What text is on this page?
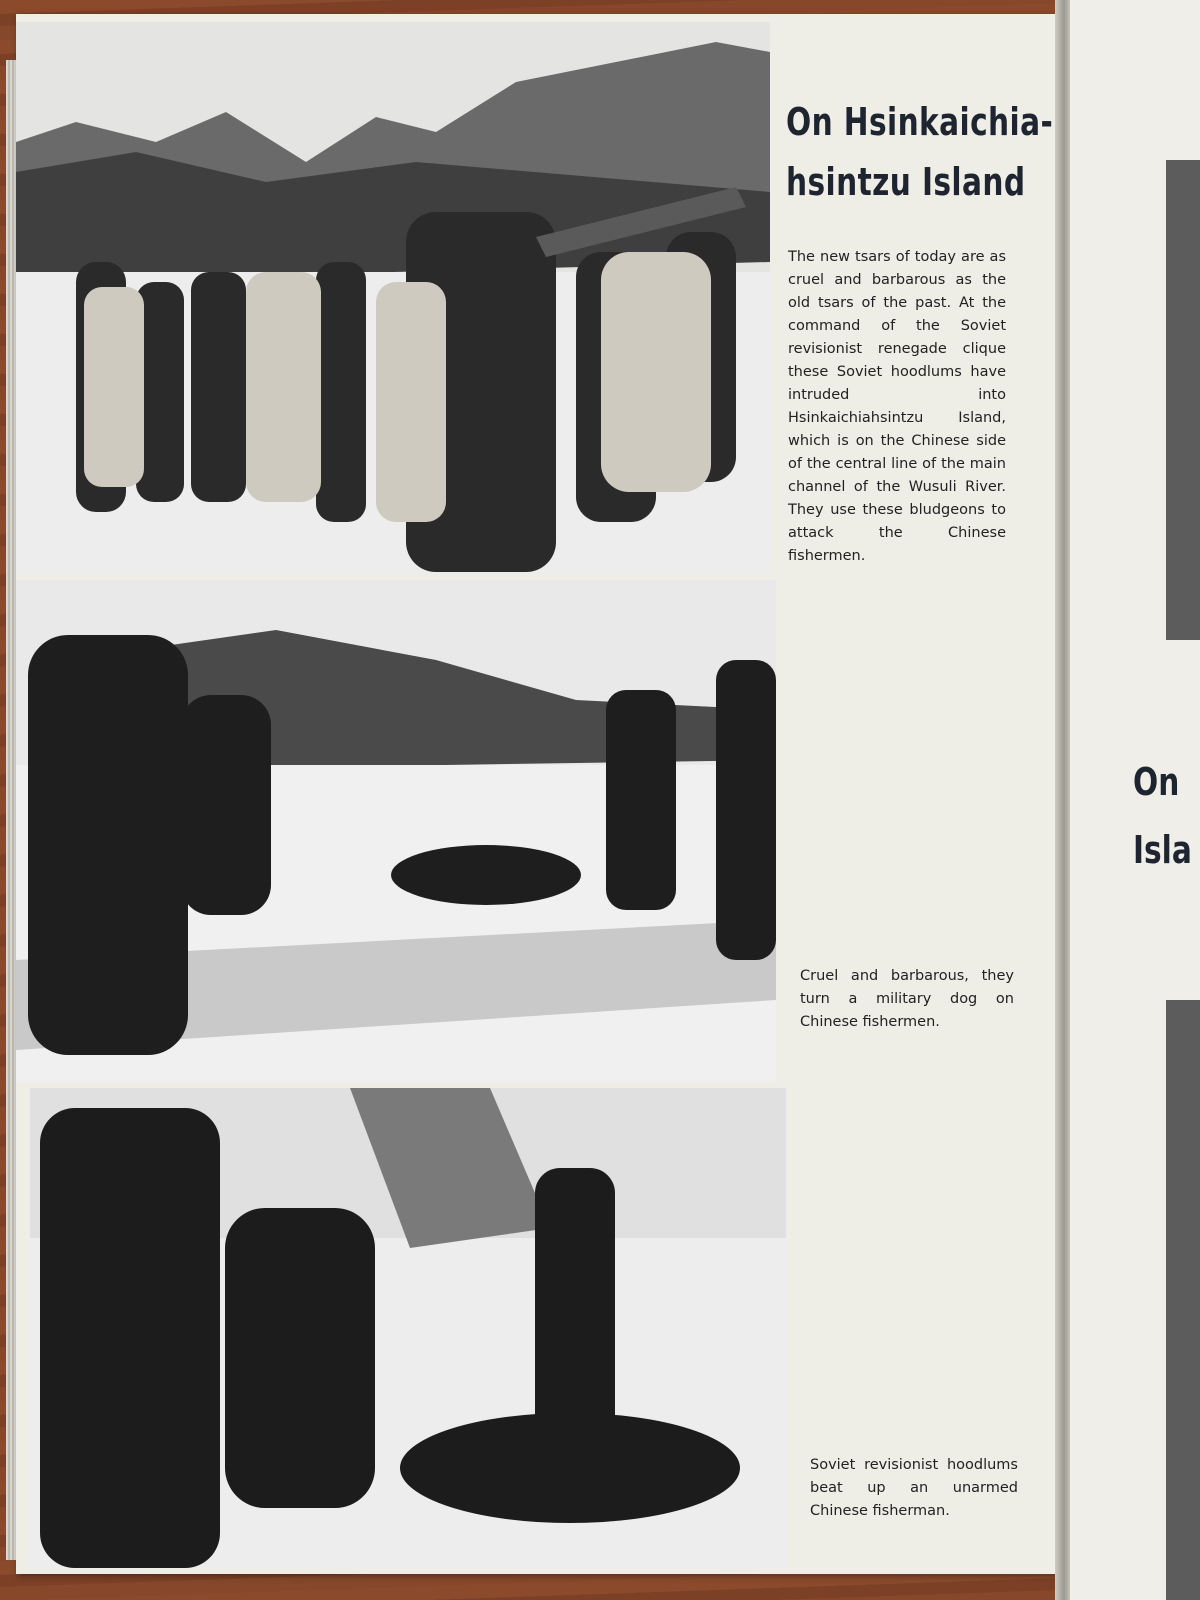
On Hsinkaichia-
hsintzu Island

The new tsars of today are as cruel and barbarous as the old tsars of the past. At the command of the Soviet revisionist renegade clique these Soviet hoodlums have intruded into Hsinkaichiahsintzu Island, which is on the Chinese side of the central line of the main channel of the Wusuli River. They use these bludgeons to attack the Chinese fishermen.

Cruel and barbarous, they turn a military dog on Chinese fishermen.

Soviet revisionist hoodlums beat up an unarmed Chinese fisherman.

On
Isla
